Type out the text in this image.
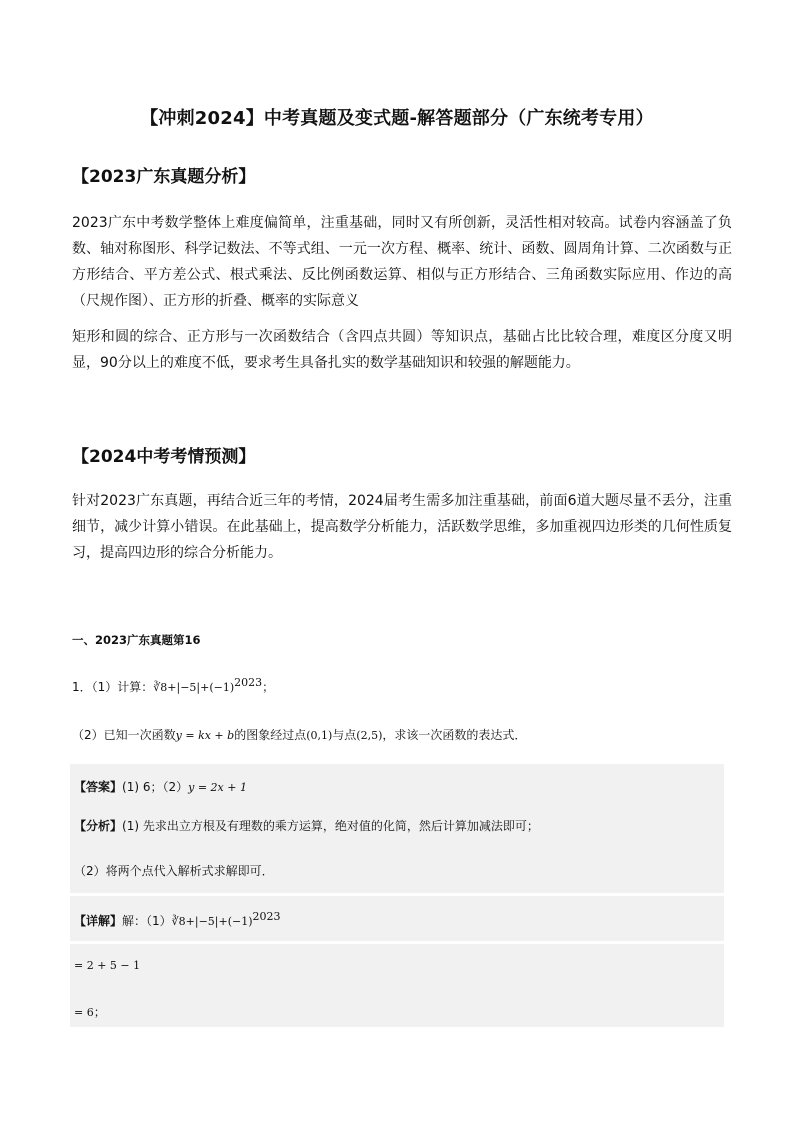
【冲刺2024】中考真题及变式题-解答题部分（广东统考专用）
【2023广东真题分析】
2023广东中考数学整体上难度偏简单，注重基础，同时又有所创新，灵活性相对较高。试卷内容涵盖了负数、轴对称图形、科学记数法、不等式组、一元一次方程、概率、统计、函数、圆周角计算、二次函数与正方形结合、平方差公式、根式乘法、反比例函数运算、相似与正方形结合、三角函数实际应用、作边的高（尺规作图）、正方形的折叠、概率的实际意义
矩形和圆的综合、正方形与一次函数结合（含四点共圆）等知识点，基础占比比较合理，难度区分度又明显，90分以上的难度不低，要求考生具备扎实的数学基础知识和较强的解题能力。
【2024中考考情预测】
针对2023广东真题，再结合近三年的考情，2024届考生需多加注重基础，前面6道大题尽量不丢分，注重细节，减少计算小错误。在此基础上，提高数学分析能力，活跃数学思维，多加重视四边形类的几何性质复习，提高四边形的综合分析能力。
一、2023广东真题第16
1．（1）计算：$∛8+|-5|+(-1)^{2023}$；
（2）已知一次函数y = kx + b的图象经过点(0,1)与点(2,5)，求该一次函数的表达式．
【答案】(1) 6；（2）y = 2x + 1
【分析】(1) 先求出立方根及有理数的乘方运算，绝对值的化简，然后计算加减法即可；
（2）将两个点代入解析式求解即可．
【详解】解：$(1)∛8+|-5|+(-1)^{2023}$
= 2 + 5 − 1
= 6；
